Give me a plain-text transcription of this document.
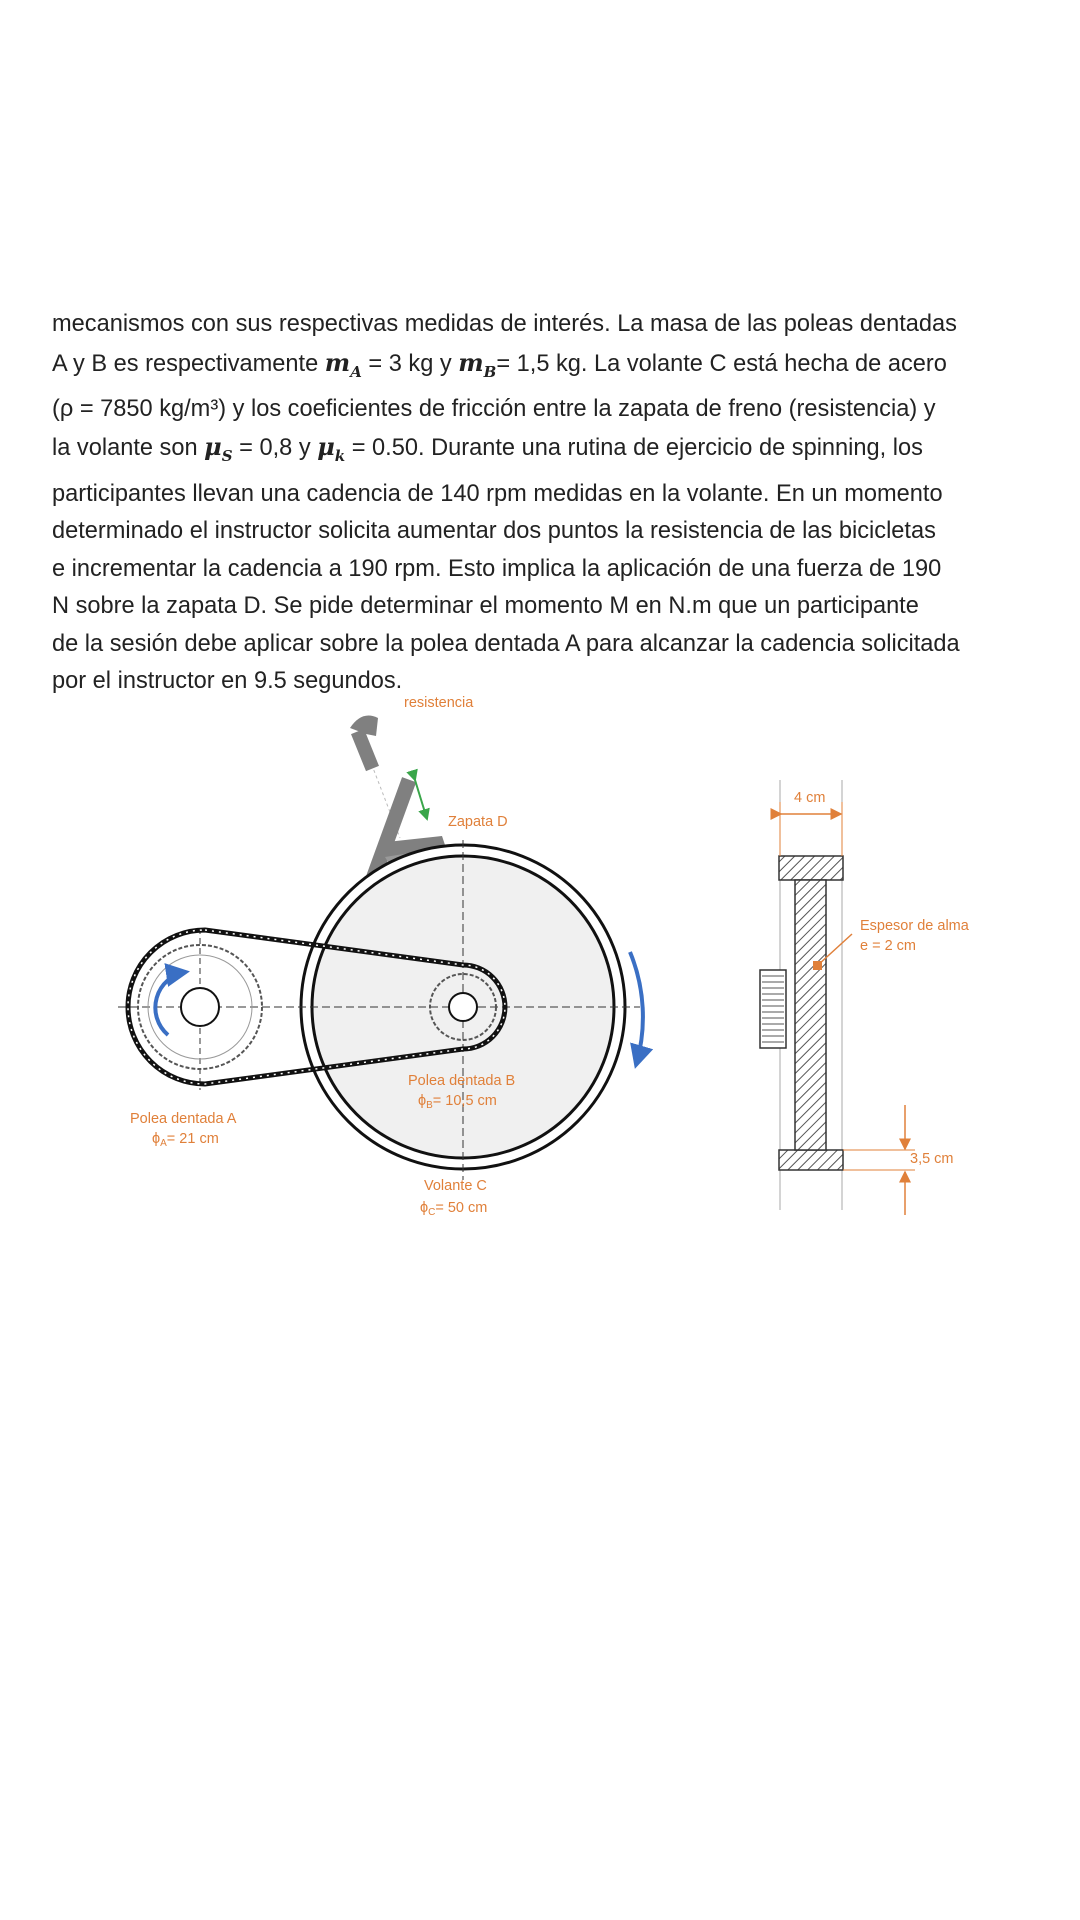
mecanismos con sus respectivas medidas de interés. La masa de las poleas dentadas
A y B es respectivamente $m_A = 3$ kg y $m_B= 1,5$ kg. La volante C está hecha de acero
(ρ = 7850 kg/m³) y los coeficientes de fricción entre la zapata de freno (resistencia) y
la volante son $\mu_S = 0,8$ y $\mu_k = 0.50$. Durante una rutina de ejercicio de spinning, los
participantes llevan una cadencia de 140 rpm medidas en la volante. En un momento
determinado el instructor solicita aumentar dos puntos la resistencia de las bicicletas
e incrementar la cadencia a 190 rpm. Esto implica la aplicación de una fuerza de 190
N sobre la zapata D. Se pide determinar el momento M en N.m que un participante
de la sesión debe aplicar sobre la polea dentada A para alcanzar la cadencia solicitada
por el instructor en 9.5 segundos.
resistencia
Zapata D
Polea dentada B
$\phi_B= 10,5$ cm
Polea dentada A
$\phi_A= 21$ cm
Volante C
$\phi_C= 50$ cm
4 cm
Espesor de alma
e = 2 cm
3,5 cm
